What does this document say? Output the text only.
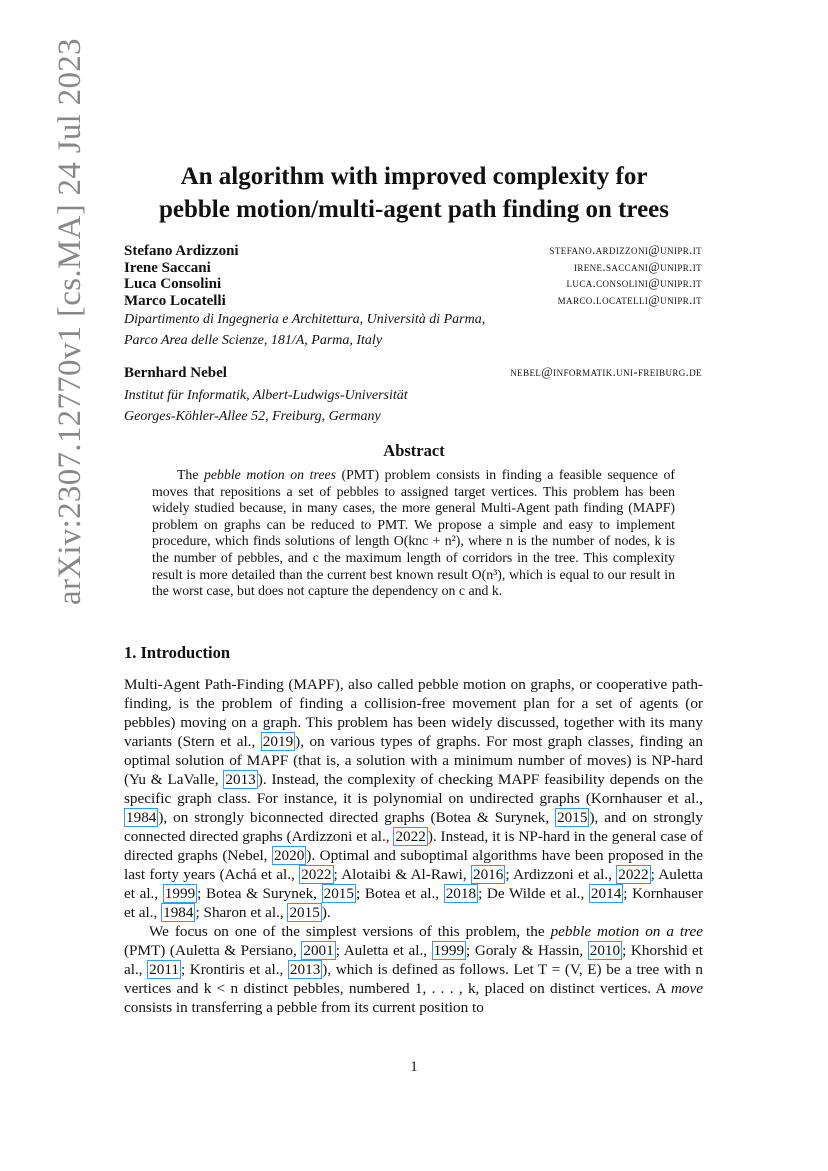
arXiv:2307.12770v1 [cs.MA] 24 Jul 2023	An algorithm with improved complexity for
pebble motion/multi-agent path finding on trees
Stefano Ardizzoni	stefano.ardizzoni@unipr.it
Irene Saccani	irene.saccani@unipr.it
Luca Consolini	luca.consolini@unipr.it
Marco Locatelli	marco.locatelli@unipr.it
Dipartimento di Ingegneria e Architettura, Università di Parma,
Parco Area delle Scienze, 181/A, Parma, Italy
Bernhard Nebel	nebel@informatik.uni-freiburg.de
Institut für Informatik, Albert-Ludwigs-Universität
Georges-Köhler-Allee 52, Freiburg, Germany
Abstract
The pebble motion on trees (PMT) problem consists in finding a feasible sequence of moves that repositions a set of pebbles to assigned target vertices. This problem has been widely studied because, in many cases, the more general Multi-Agent path finding (MAPF) problem on graphs can be reduced to PMT. We propose a simple and easy to implement procedure, which finds solutions of length O(knc + n²), where n is the number of nodes, k is the number of pebbles, and c the maximum length of corridors in the tree. This complexity result is more detailed than the current best known result O(n³), which is equal to our result in the worst case, but does not capture the dependency on c and k.
1. Introduction

Multi-Agent Path-Finding (MAPF), also called pebble motion on graphs, or cooperative path-finding, is the problem of finding a collision-free movement plan for a set of agents (or pebbles) moving on a graph. This problem has been widely discussed, together with its many variants (Stern et al., 2019 ), on various types of graphs. For most graph classes, finding an optimal solution of MAPF (that is, a solution with a minimum number of moves) is NP-hard (Yu & LaValle, 2013 ). Instead, the complexity of checking MAPF feasibility depends on the specific graph class. For instance, it is polynomial on undirected graphs (Kornhauser et al., 1984 ), on strongly biconnected directed graphs (Botea & Surynek, 2015 ), and on strongly connected directed graphs (Ardizzoni et al., 2022 ). Instead, it is NP-hard in the general case of directed graphs (Nebel, 2020 ). Optimal and suboptimal algorithms have been proposed in the last forty years (Achá et al., 2022 ; Alotaibi & Al-Rawi, 2016 ; Ardizzoni et al., 2022 ; Auletta et al., 1999 ; Botea & Surynek, 2015 ; Botea et al., 2018 ; De Wilde et al., 2014 ; Kornhauser et al., 1984 ; Sharon et al., 2015 ).

We focus on one of the simplest versions of this problem, the pebble motion on a tree (PMT) (Auletta & Persiano, 2001 ; Auletta et al., 1999 ; Goraly & Hassin, 2010 ; Khorshid et al., 2011 ; Krontiris et al., 2013 ), which is defined as follows. Let T = (V, E) be a tree with n vertices and k < n distinct pebbles, numbered 1, . . . , k, placed on distinct vertices. A move consists in transferring a pebble from its current position to

1
